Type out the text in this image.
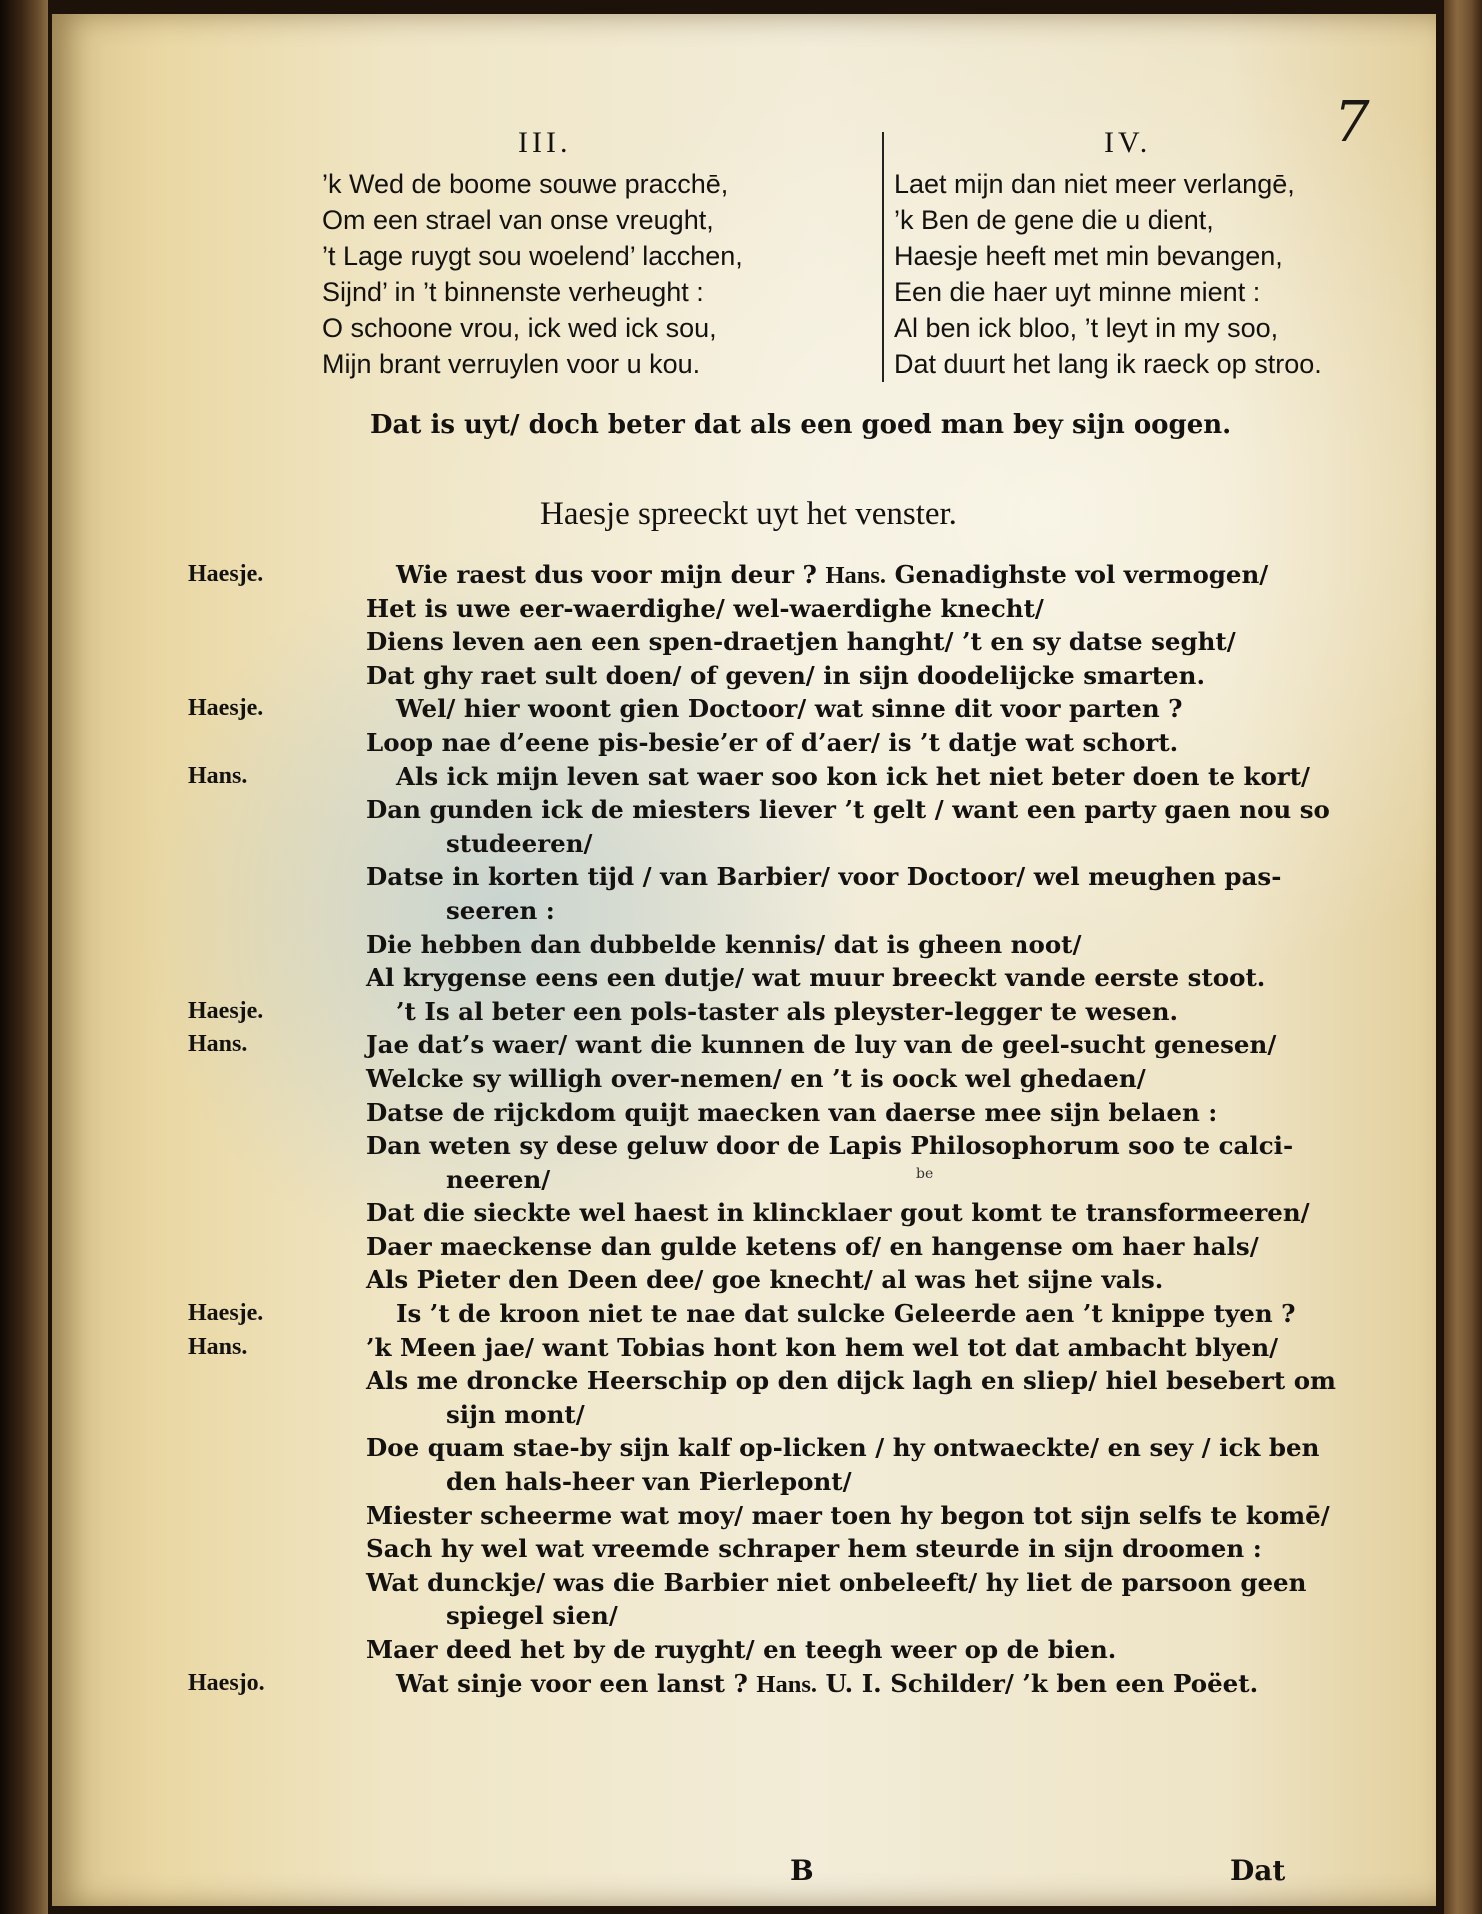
7
III.	IV.
’k Wed de boome souwe pracchē,
Om een strael van onse vreught,
’t Lage ruygt sou woelend’ lacchen,
Sijnd’ in ’t binnenste verheught :
O schoone vrou, ick wed ick sou,
Mijn brant verruylen voor u kou.
Laet mijn dan niet meer verlangē,
’k Ben de gene die u dient,
Haesje heeft met min bevangen,
Een die haer uyt minne mient :
Al ben ick bloo, ’t leyt in my soo,
Dat duurt het lang ik raeck op stroo.
Dat is uyt/ doch beter dat als een goed man bey sijn oogen.
Haesje spreeckt uyt het venster.
Haesje.	Wie raest dus voor mijn deur ? Hans. Genadighste vol vermogen/
Het is uwe eer-waerdighe/ wel-waerdighe knecht/
Diens leven aen een spen-draetjen hanght/ ’t en sy datse seght/
Dat ghy raet sult doen/ of geven/ in sijn doodelijcke smarten.
Haesje.	Wel/ hier woont gien Doctoor/ wat sinne dit voor parten ?
Loop nae d’eene pis-besie’er of d’aer/ is ’t datje wat schort.
Hans.	Als ick mijn leven sat waer soo kon ick het niet beter doen te kort/
Dan gunden ick de miesters liever ’t gelt / want een party gaen nou so
studeeren/
Datse in korten tijd / van Barbier/ voor Doctoor/ wel meughen pas-
seeren :
Die hebben dan dubbelde kennis/ dat is gheen noot/
Al krygense eens een dutje/ wat muur breeckt vande eerste stoot.
Haesje.	’t Is al beter een pols-taster als pleyster-legger te wesen.
Hans.	Jae dat’s waer/ want die kunnen de luy van de geel-sucht genesen/
Welcke sy willigh over-nemen/ en ’t is oock wel ghedaen/
Datse de rijckdom quijt maecken van daerse mee sijn belaen :
Dan weten sy dese geluw door de Lapis Philosophorum soo te calci-
neeren/
Dat die sieckte wel haest in klincklaer gout komt te transformeeren/
Daer maeckense dan gulde ketens of/ en hangense om haer hals/
Als Pieter den Deen dee/ goe knecht/ al was het sijne vals.
Haesje.	Is ’t de kroon niet te nae dat sulcke Geleerde aen ’t knippe tyen ?
Hans.	’k Meen jae/ want Tobias hont kon hem wel tot dat ambacht blyen/
Als me droncke Heerschip op den dijck lagh en sliep/ hiel besebert om
sijn mont/
Doe quam stae-by sijn kalf op-licken / hy ontwaeckte/ en sey / ick ben
den hals-heer van Pierlepont/
Miester scheerme wat moy/ maer toen hy begon tot sijn selfs te komē/
Sach hy wel wat vreemde schraper hem steurde in sijn droomen :
Wat dunckje/ was die Barbier niet onbeleeft/ hy liet de parsoon geen
spiegel sien/
Maer deed het by de ruyght/ en teegh weer op de bien.
Haesjo.	Wat sinje voor een lanst ? Hans. U. I. Schilder/ ’k ben een Poëet.
be
B	Dat
